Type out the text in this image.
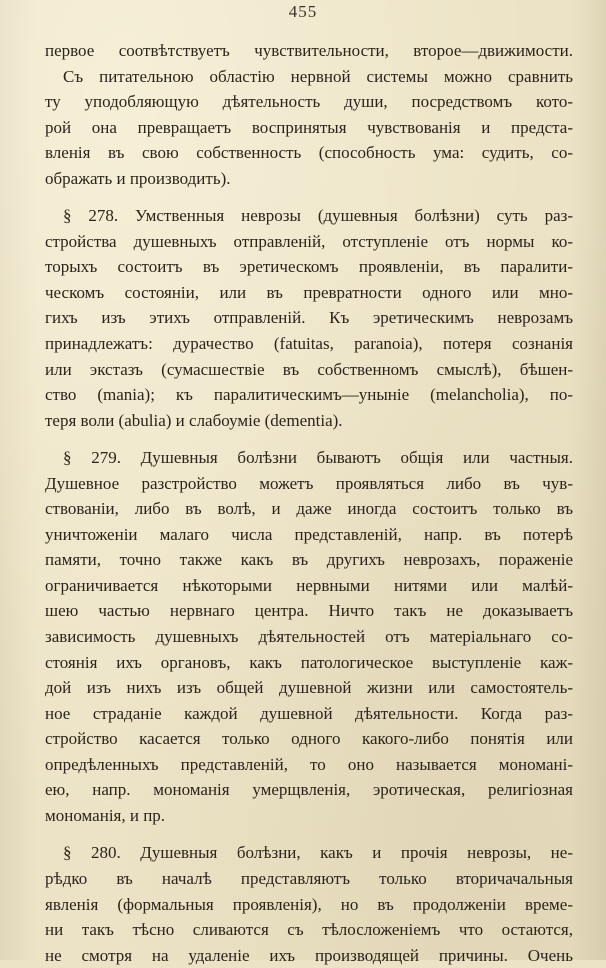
455
первое соотвѣтствуетъ чувствительности, второе—движимости.
Съ питательною областію нервной системы можно сравнить
ту уподобляющую дѣятельность души, посредствомъ кото-
рой она превращаетъ воспринятыя чувствованія и предста-
вленія въ свою собственность (способность ума: судить, со-
ображать и производить).
§ 278. Умственныя неврозы (душевныя болѣзни) суть раз-
стройства душевныхъ отправленій, отступленіе отъ нормы ко-
торыхъ состоитъ въ эретическомъ проявленіи, въ паралити-
ческомъ состояніи, или въ превратности одного или мно-
гихъ изъ этихъ отправленій. Къ эретическимъ неврозамъ
принадлежатъ: дурачество (fatuitas, paranoia), потеря сознанія
или экстазъ (сумасшествіе въ собственномъ смыслѣ), бѣшен-
ство (mania); къ паралитическимъ—уныніе (melancholia), по-
теря воли (abulia) и слабоуміе (dementia).
§ 279. Душевныя болѣзни бываютъ общія или частныя.
Душевное разстройство можетъ проявляться либо въ чув-
ствованіи, либо въ волѣ, и даже иногда состоитъ только въ
уничтоженіи малаго числа представленій, напр. въ потерѣ
памяти, точно также какъ въ другихъ неврозахъ, пораженіе
ограничивается нѣкоторыми нервными нитями или малѣй-
шею частью нервнаго центра. Ничто такъ не доказываетъ
зависимость душевныхъ дѣятельностей отъ матеріальнаго со-
стоянія ихъ органовъ, какъ патологическое выступленіе каж-
дой изъ нихъ изъ общей душевной жизни или самостоятель-
ное страданіе каждой душевной дѣятельности. Когда раз-
стройство касается только одного какого-либо понятія или
опредѣленныхъ представленій, то оно называется мономані-
ею, напр. мономанія умерщвленія, эротическая, религіозная
мономанія, и пр.
§ 280. Душевныя болѣзни, какъ и прочія неврозы, не-
рѣдко въ началѣ представляютъ только вторичачальныя
явленія (формальныя проявленія), но въ продолженіи време-
ни такъ тѣсно сливаются съ тѣлосложеніемъ что остаются,
не смотря на удаленіе ихъ производящей причины. Очень
